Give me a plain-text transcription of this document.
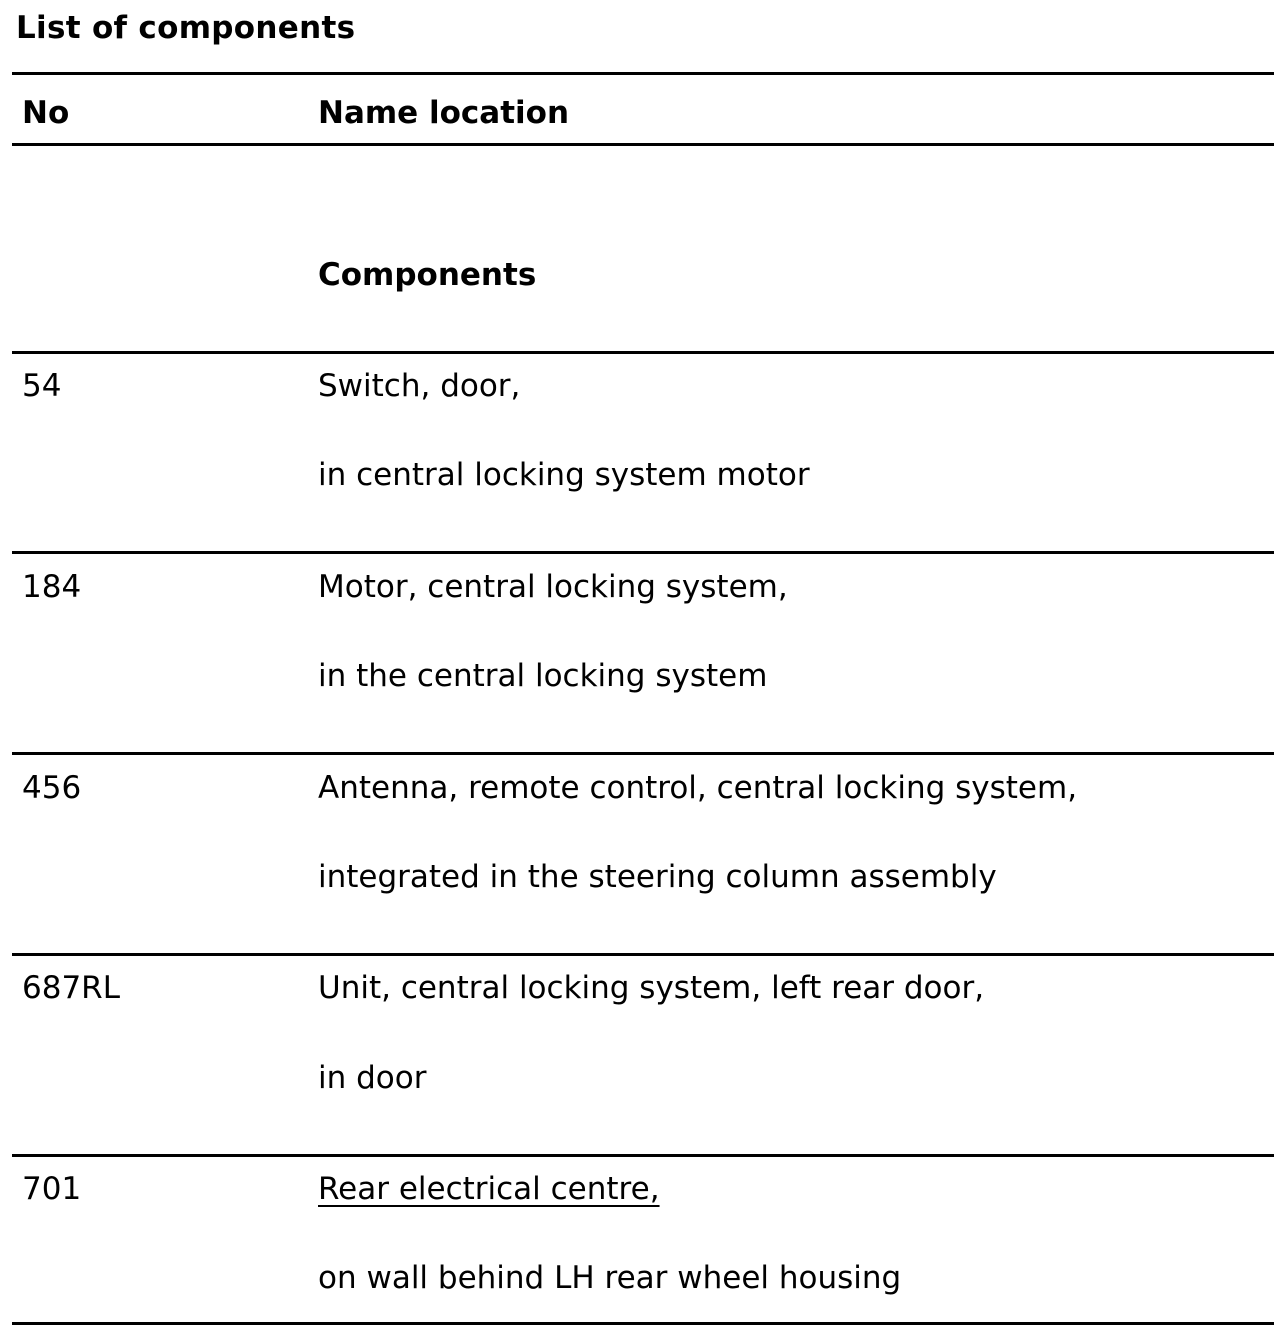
List of components
No	Name location
Components
54	Switch, door,
in central locking system motor
184	Motor, central locking system,
in the central locking system
456	Antenna, remote control, central locking system,
integrated in the steering column assembly
687RL	Unit, central locking system, left rear door,
in door
701	Rear electrical centre,
on wall behind LH rear wheel housing
